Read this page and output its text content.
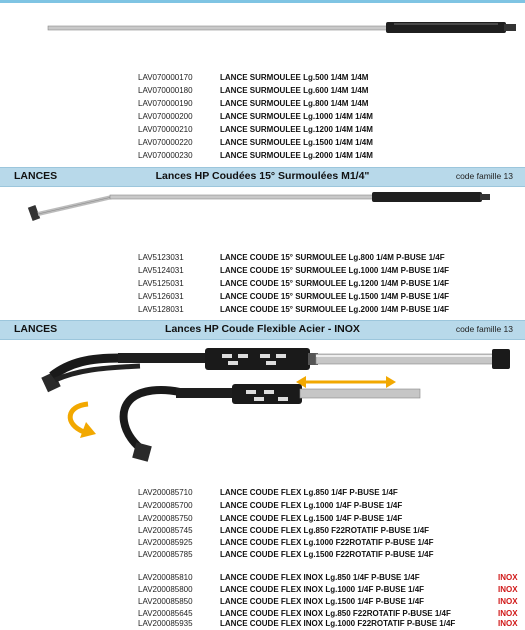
LAV070000170	LANCE SURMOULEE Lg.500 1/4M 1/4M
LAV070000180	LANCE SURMOULEE Lg.600 1/4M 1/4M
LAV070000190	LANCE SURMOULEE Lg.800 1/4M 1/4M
LAV070000200	LANCE SURMOULEE Lg.1000 1/4M 1/4M
LAV070000210	LANCE SURMOULEE Lg.1200 1/4M 1/4M
LAV070000220	LANCE SURMOULEE Lg.1500 1/4M 1/4M
LAV070000230	LANCE SURMOULEE Lg.2000 1/4M 1/4M
LANCES	Lances HP Coudées 15° Surmoulées M1/4"	code famille 13
LAV5123031	LANCE COUDE 15° SURMOULEE Lg.800 1/4M P-BUSE 1/4F
LAV5124031	LANCE COUDE 15° SURMOULEE Lg.1000 1/4M P-BUSE 1/4F
LAV5125031	LANCE COUDE 15° SURMOULEE Lg.1200 1/4M P-BUSE 1/4F
LAV5126031	LANCE COUDE 15° SURMOULEE Lg.1500 1/4M P-BUSE 1/4F
LAV5128031	LANCE COUDE 15° SURMOULEE Lg.2000 1/4M P-BUSE 1/4F
LANCES	Lances HP Coude Flexible Acier - INOX	code famille 13
LAV200085710	LANCE COUDE FLEX Lg.850 1/4F P-BUSE 1/4F
LAV200085700	LANCE COUDE FLEX Lg.1000 1/4F P-BUSE 1/4F
LAV200085750	LANCE COUDE FLEX Lg.1500 1/4F P-BUSE 1/4F
LAV200085745	LANCE COUDE FLEX Lg.850 F22ROTATIF P-BUSE 1/4F
LAV200085925	LANCE COUDE FLEX Lg.1000 F22ROTATIF P-BUSE 1/4F
LAV200085785	LANCE COUDE FLEX Lg.1500 F22ROTATIF P-BUSE 1/4F
LAV200085810	LANCE COUDE FLEX INOX Lg.850 1/4F P-BUSE 1/4F	INOX
LAV200085800	LANCE COUDE FLEX INOX Lg.1000 1/4F P-BUSE 1/4F	INOX
LAV200085850	LANCE COUDE FLEX INOX Lg.1500 1/4F P-BUSE 1/4F	INOX
LAV200085645	LANCE COUDE FLEX INOX Lg.850 F22ROTATIF P-BUSE 1/4F	INOX
LAV200085935	LANCE COUDE FLEX INOX Lg.1000 F22ROTATIF P-BUSE 1/4F	INOX
